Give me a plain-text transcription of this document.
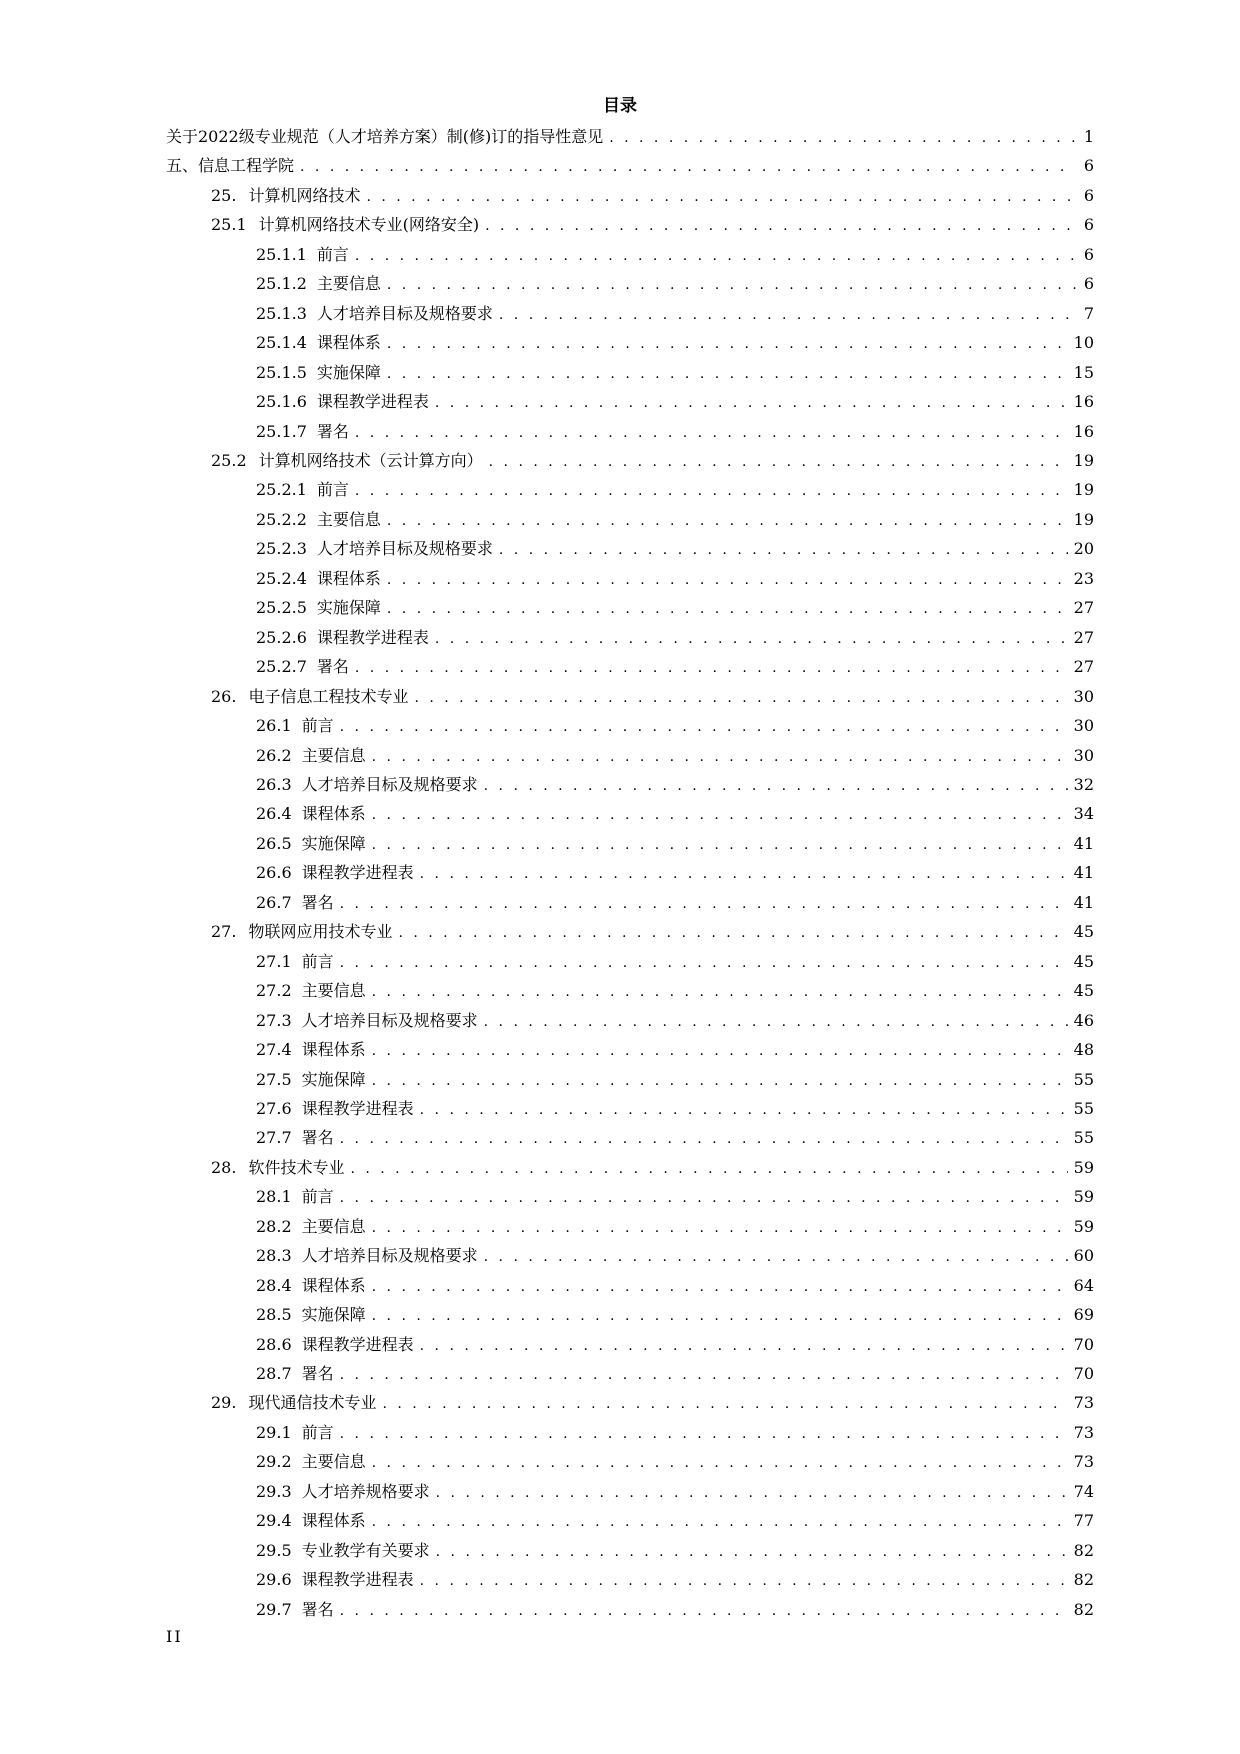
目录
关于2022级专业规范（人才培养方案）制(修)订的指导性意见 . . .	1
五、信息工程学院 . . .	6
25. 计算机网络技术 . . .	6
25.1 计算机网络技术专业(网络安全) . . .	6
25.1.1 前言 . . .	6
25.1.2 主要信息 . . .	6
25.1.3 人才培养目标及规格要求 . . .	7
25.1.4 课程体系 . . .	10
25.1.5 实施保障 . . .	15
25.1.6 课程教学进程表 . . .	16
25.1.7 署名 . . .	16
25.2 计算机网络技术（云计算方向） . . .	19
25.2.1 前言 . . .	19
25.2.2 主要信息 . . .	19
25.2.3 人才培养目标及规格要求 . . .	20
25.2.4 课程体系 . . .	23
25.2.5 实施保障 . . .	27
25.2.6 课程教学进程表 . . .	27
25.2.7 署名 . . .	27
26. 电子信息工程技术专业 . . .	30
26.1 前言 . . .	30
26.2 主要信息 . . .	30
26.3 人才培养目标及规格要求 . . .	32
26.4 课程体系 . . .	34
26.5 实施保障 . . .	41
26.6 课程教学进程表 . . .	41
26.7 署名 . . .	41
27. 物联网应用技术专业 . . .	45
27.1 前言 . . .	45
27.2 主要信息 . . .	45
27.3 人才培养目标及规格要求 . . .	46
27.4 课程体系 . . .	48
27.5 实施保障 . . .	55
27.6 课程教学进程表 . . .	55
27.7 署名 . . .	55
28. 软件技术专业 . . .	59
28.1 前言 . . .	59
28.2 主要信息 . . .	59
28.3 人才培养目标及规格要求 . . .	60
28.4 课程体系 . . .	64
28.5 实施保障 . . .	69
28.6 课程教学进程表 . . .	70
28.7 署名 . . .	70
29. 现代通信技术专业 . . .	73
29.1 前言 . . .	73
29.2 主要信息 . . .	73
29.3 人才培养规格要求 . . .	74
29.4 课程体系 . . .	77
29.5 专业教学有关要求 . . .	82
29.6 课程教学进程表 . . .	82
29.7 署名 . . .	82
II
